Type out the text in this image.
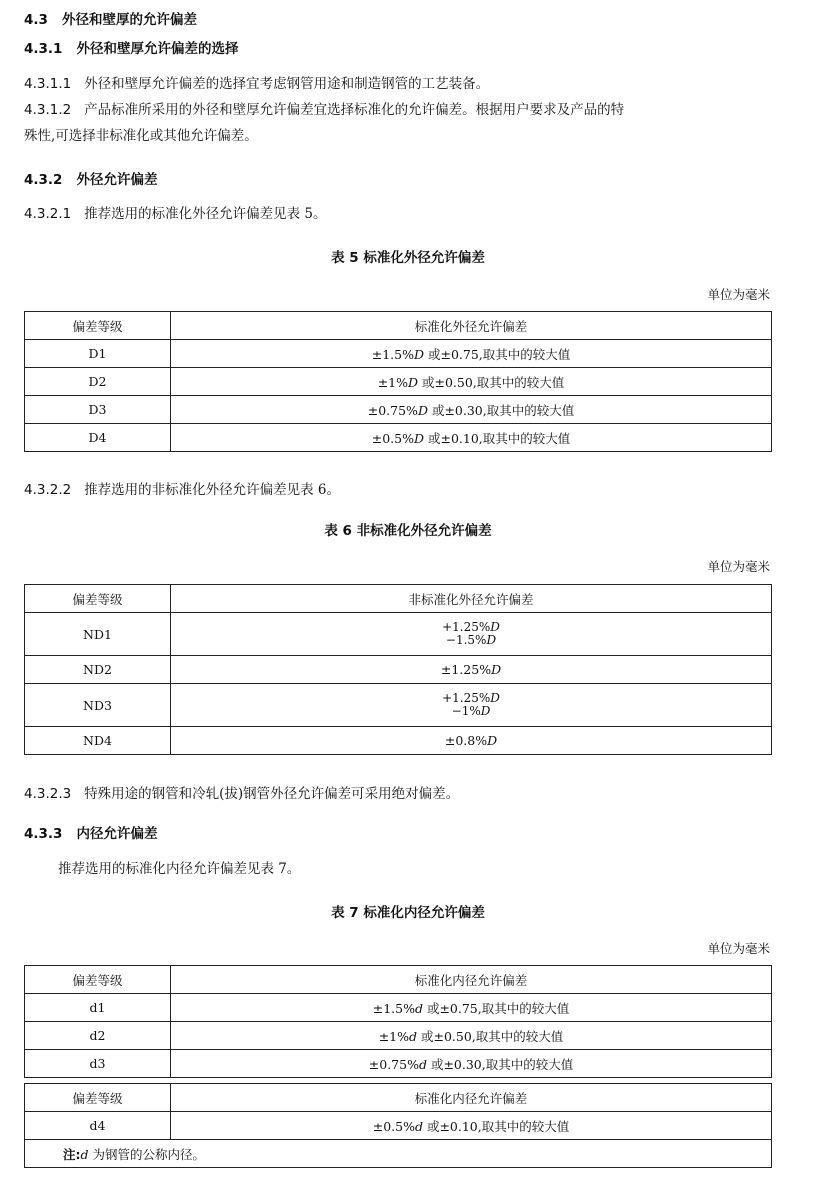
4.3 外径和壁厚的允许偏差
4.3.1 外径和壁厚允许偏差的选择
4.3.1.1 外径和壁厚允许偏差的选择宜考虑钢管用途和制造钢管的工艺装备。
4.3.1.2 产品标准所采用的外径和壁厚允许偏差宜选择标准化的允许偏差。根据用户要求及产品的特
殊性,可选择非标准化或其他允许偏差。
4.3.2 外径允许偏差
4.3.2.1 推荐选用的标准化外径允许偏差见表 5。
表 5 标准化外径允许偏差
单位为毫米
偏差等级	标准化外径允许偏差
D1	±1.5%D 或±0.75,取其中的较大值
D2	±1%D 或±0.50,取其中的较大值
D3	±0.75%D 或±0.30,取其中的较大值
D4	±0.5%D 或±0.10,取其中的较大值
4.3.2.2 推荐选用的非标准化外径允许偏差见表 6。
表 6 非标准化外径允许偏差
单位为毫米
偏差等级	非标准化外径允许偏差
ND1	+1.25%D
−1.5%D

ND2	±1.25%D
ND3	+1.25%D
−1%D

ND4	±0.8%D
4.3.2.3 特殊用途的钢管和冷轧(拔)钢管外径允许偏差可采用绝对偏差。
4.3.3 内径允许偏差
推荐选用的标准化内径允许偏差见表 7。
表 7 标准化内径允许偏差
单位为毫米
偏差等级	标准化内径允许偏差
d1	±1.5%d 或±0.75,取其中的较大值
d2	±1%d 或±0.50,取其中的较大值
d3	±0.75%d 或±0.30,取其中的较大值
偏差等级	标准化内径允许偏差
d4	±0.5%d 或±0.10,取其中的较大值
注:d 为钢管的公称内径。	
